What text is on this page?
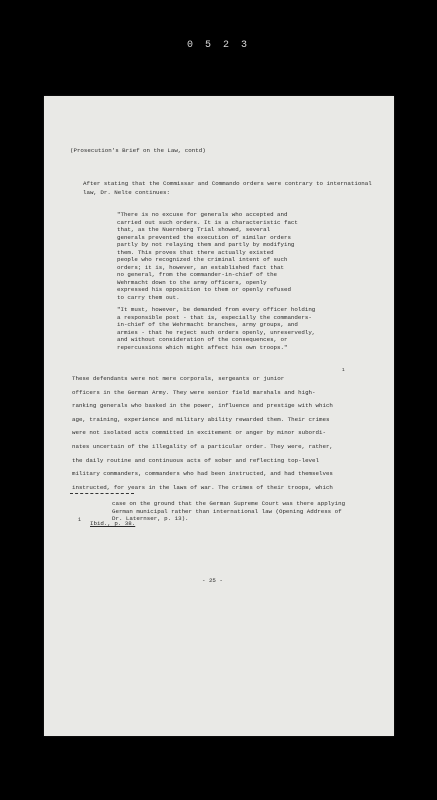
0 5 2 3
(Prosecution's Brief on the Law, contd)
After stating that the Commissar and Commando orders were contrary to international law, Dr. Nelte continues:
"There is no excuse for generals who accepted and
carried out such orders. It is a characteristic fact
that, as the Nuernberg Trial showed, several
generals prevented the execution of similar orders
partly by not relaying them and partly by modifying
them. This proves that there actually existed
people who recognized the criminal intent of such
orders; it is, however, an established fact that
no general, from the commander-in-chief of the
Wehrmacht down to the army officers, openly
expressed his opposition to them or openly refused
to carry them out.
"It must, however, be demanded from every officer holding
a responsible post - that is, especially the commanders-
in-chief of the Wehrmacht branches, army groups, and
armies - that he reject such orders openly, unreservedly,
and without consideration of the consequences, or
repercussions which might affect his own troops."
1
These defendants were not mere corporals, sergeants or junior
officers in the German Army. They were senior field marshals and high-
ranking generals who basked in the power, influence and prestige with which
age, training, experience and military ability rewarded them. Their crimes
were not isolated acts committed in excitement or anger by minor subordi-
nates uncertain of the illegality of a particular order. They were, rather,
the daily routine and continuous acts of sober and reflecting top-level
military commanders, commanders who had been instructed, and had themselves
instructed, for years in the laws of war. The crimes of their troops, which
case on the ground that the German Supreme Court was there applying
German municipal rather than international law (Opening Address of
Dr. Laternser, p. 13).
1 Ibid., p. 38.
- 25 -
